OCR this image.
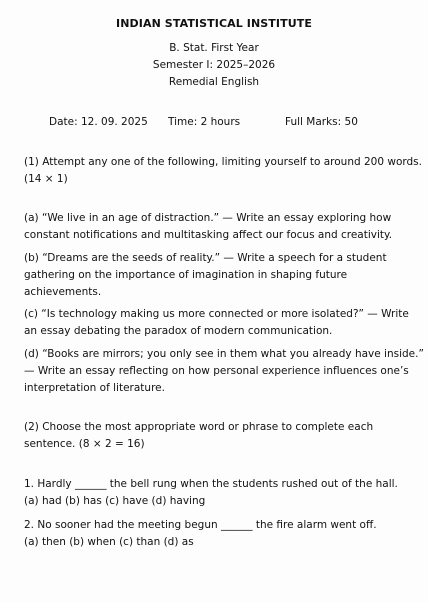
INDIAN STATISTICAL INSTITUTE
B. Stat. First Year
Semester I: 2025–2026
Remedial English
Date: 12. 09. 2025 Time: 2 hours	Full Marks: 50
(1) Attempt any one of the following, limiting yourself to around 200 words.
(14 × 1)
(a) “We live in an age of distraction.” — Write an essay exploring how
constant notifications and multitasking affect our focus and creativity.
(b) “Dreams are the seeds of reality.” — Write a speech for a student
gathering on the importance of imagination in shaping future
achievements.
(c) “Is technology making us more connected or more isolated?” — Write
an essay debating the paradox of modern communication.
(d) “Books are mirrors; you only see in them what you already have inside.”
— Write an essay reflecting on how personal experience influences one’s
interpretation of literature.
(2) Choose the most appropriate word or phrase to complete each
sentence. (8 × 2 = 16)
1. Hardly ______ the bell rung when the students rushed out of the hall.
(a) had (b) has (c) have (d) having
2. No sooner had the meeting begun ______ the fire alarm went off.
(a) then (b) when (c) than (d) as
